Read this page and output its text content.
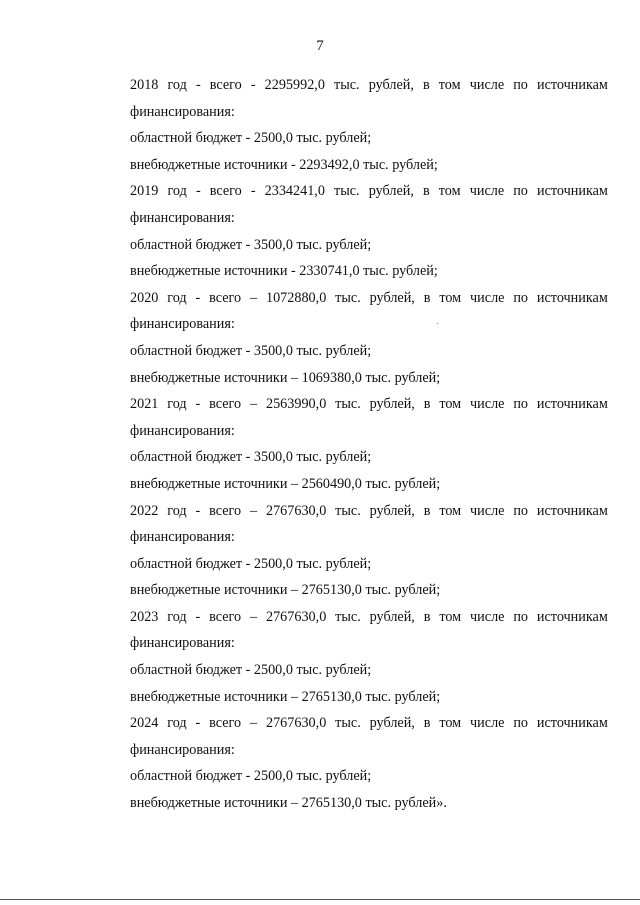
7
2018 год - всего - 2295992,0 тыс. рублей, в том числе по источникам
финансирования:
областной бюджет - 2500,0 тыс. рублей;
внебюджетные источники - 2293492,0 тыс. рублей;
2019 год - всего - 2334241,0 тыс. рублей, в том числе по источникам
финансирования:
областной бюджет - 3500,0 тыс. рублей;
внебюджетные источники - 2330741,0 тыс. рублей;
2020 год - всего – 1072880,0 тыс. рублей, в том числе по источникам
финансирования:
областной бюджет - 3500,0 тыс. рублей;
внебюджетные источники – 1069380,0 тыс. рублей;
2021 год - всего – 2563990,0 тыс. рублей, в том числе по источникам
финансирования:
областной бюджет - 3500,0 тыс. рублей;
внебюджетные источники – 2560490,0 тыс. рублей;
2022 год - всего – 2767630,0 тыс. рублей, в том числе по источникам
финансирования:
областной бюджет - 2500,0 тыс. рублей;
внебюджетные источники – 2765130,0 тыс. рублей;
2023 год - всего – 2767630,0 тыс. рублей, в том числе по источникам
финансирования:
областной бюджет - 2500,0 тыс. рублей;
внебюджетные источники – 2765130,0 тыс. рублей;
2024 год - всего – 2767630,0 тыс. рублей, в том числе по источникам
финансирования:
областной бюджет - 2500,0 тыс. рублей;
внебюджетные источники – 2765130,0 тыс. рублей».
